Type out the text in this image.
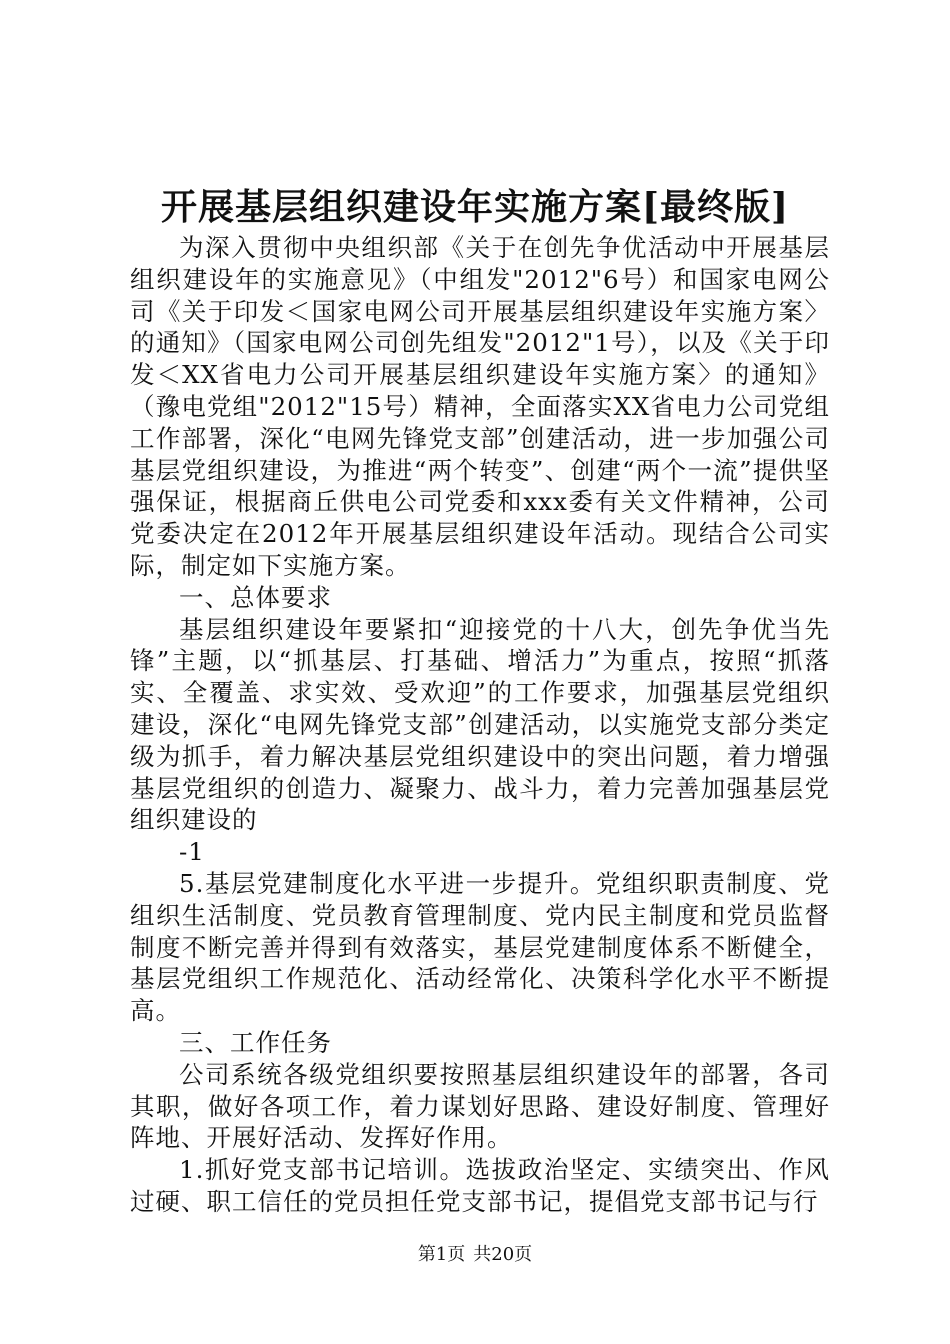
开展基层组织建设年实施方案[最终版]

为深入贯彻中央组织部《关于在创先争优活动中开展基层组织建设年的实施意见》（中组发"2012"6号）和国家电网公司《关于印发＜国家电网公司开展基层组织建设年实施方案〉的通知》（国家电网公司创先组发"2012"1号），以及《关于印发＜XX省电力公司开展基层组织建设年实施方案〉的通知》（豫电党组"2012"15号）精神，全面落实XX省电力公司党组工作部署，深化“电网先锋党支部”创建活动，进一步加强公司基层党组织建设，为推进“两个转变”、创建“两个一流”提供坚强保证，根据商丘供电公司党委和xxx委有关文件精神，公司党委决定在2012年开展基层组织建设年活动。现结合公司实际，制定如下实施方案。

一、总体要求

基层组织建设年要紧扣“迎接党的十八大，创先争优当先锋”主题，以“抓基层、打基础、增活力”为重点，按照“抓落实、全覆盖、求实效、受欢迎”的工作要求，加强基层党组织建设，深化“电网先锋党支部”创建活动，以实施党支部分类定级为抓手，着力解决基层党组织建设中的突出问题，着力增强基层党组织的创造力、凝聚力、战斗力，着力完善加强基层党组织建设的

-1

5.基层党建制度化水平进一步提升。党组织职责制度、党组织生活制度、党员教育管理制度、党内民主制度和党员监督制度不断完善并得到有效落实，基层党建制度体系不断健全，基层党组织工作规范化、活动经常化、决策科学化水平不断提高。

三、工作任务

公司系统各级党组织要按照基层组织建设年的部署，各司其职，做好各项工作，着力谋划好思路、建设好制度、管理好阵地、开展好活动、发挥好作用。

1.抓好党支部书记培训。选拔政治坚定、实绩突出、作风过硬、职工信任的党员担任党支部书记，提倡党支部书记与行

第1页 共20页
